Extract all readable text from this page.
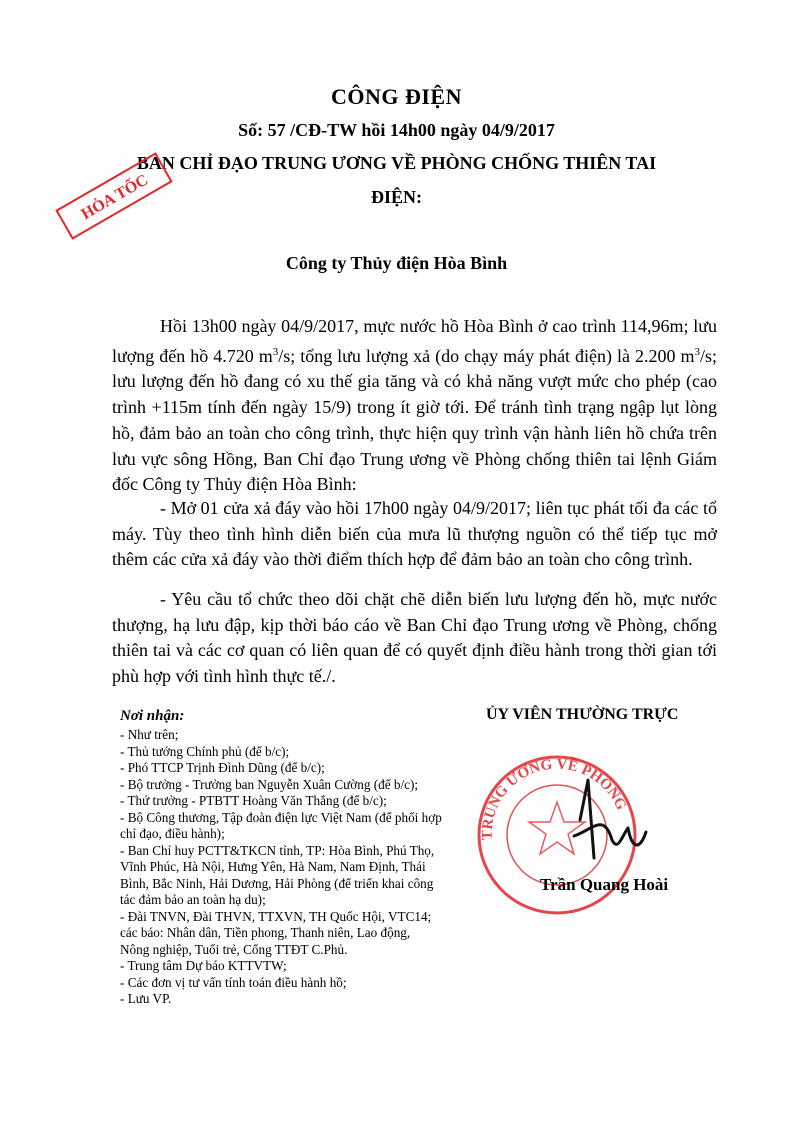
CÔNG ĐIỆN
Số: 57 /CĐ-TW hồi 14h00 ngày 04/9/2017
BAN CHỈ ĐẠO TRUNG ƯƠNG VỀ PHÒNG CHỐNG THIÊN TAI
ĐIỆN:
HỎA TỐC
Công ty Thủy điện Hòa Bình
Hồi 13h00 ngày 04/9/2017, mực nước hồ Hòa Bình ở cao trình 114,96m; lưu lượng đến hồ 4.720 $m^3/s$; tổng lưu lượng xả (do chạy máy phát điện) là 2.200 $m^3/s$; lưu lượng đến hồ đang có xu thế gia tăng và có khả năng vượt mức cho phép (cao trình +115m tính đến ngày 15/9) trong ít giờ tới. Để tránh tình trạng ngập lụt lòng hồ, đảm bảo an toàn cho công trình, thực hiện quy trình vận hành liên hồ chứa trên lưu vực sông Hồng, Ban Chỉ đạo Trung ương về Phòng chống thiên tai lệnh Giám đốc Công ty Thủy điện Hòa Bình:
- Mở 01 cửa xả đáy vào hồi 17h00 ngày 04/9/2017; liên tục phát tối đa các tổ máy. Tùy theo tình hình diễn biến của mưa lũ thượng nguồn có thể tiếp tục mở thêm các cửa xả đáy vào thời điểm thích hợp để đảm bảo an toàn cho công trình.
- Yêu cầu tổ chức theo dõi chặt chẽ diễn biến lưu lượng đến hồ, mực nước thượng, hạ lưu đập, kịp thời báo cáo về Ban Chỉ đạo Trung ương về Phòng, chống thiên tai và các cơ quan có liên quan để có quyết định điều hành trong thời gian tới phù hợp với tình hình thực tế./.
Nơi nhận:
- Như trên;
- Thủ tướng Chính phủ (để b/c);
- Phó TTCP Trịnh Đình Dũng (để b/c);
- Bộ trưởng - Trưởng ban Nguyễn Xuân Cường (để b/c);
- Thứ trưởng - PTBTT Hoàng Văn Thắng (để b/c);
- Bộ Công thương, Tập đoàn điện lực Việt Nam (để phối hợp chỉ đạo, điều hành);
- Ban Chỉ huy PCTT&TKCN tỉnh, TP: Hòa Bình, Phú Thọ, Vĩnh Phúc, Hà Nội, Hưng Yên, Hà Nam, Nam Định, Thái Bình, Bắc Ninh, Hải Dương, Hải Phòng (để triển khai công tác đảm bảo an toàn hạ du);
- Đài TNVN, Đài THVN, TTXVN, TH Quốc Hội, VTC14; các báo: Nhân dân, Tiền phong, Thanh niên, Lao động, Nông nghiệp, Tuổi trẻ, Cổng TTĐT C.Phủ.
- Trung tâm Dự báo KTTVTW;
- Các đơn vị tư vấn tính toán điều hành hồ;
- Lưu VP.
ỦY VIÊN THƯỜNG TRỰC
TRUNG ƯƠNG VỀ PHÒNG
Trần Quang Hoài
